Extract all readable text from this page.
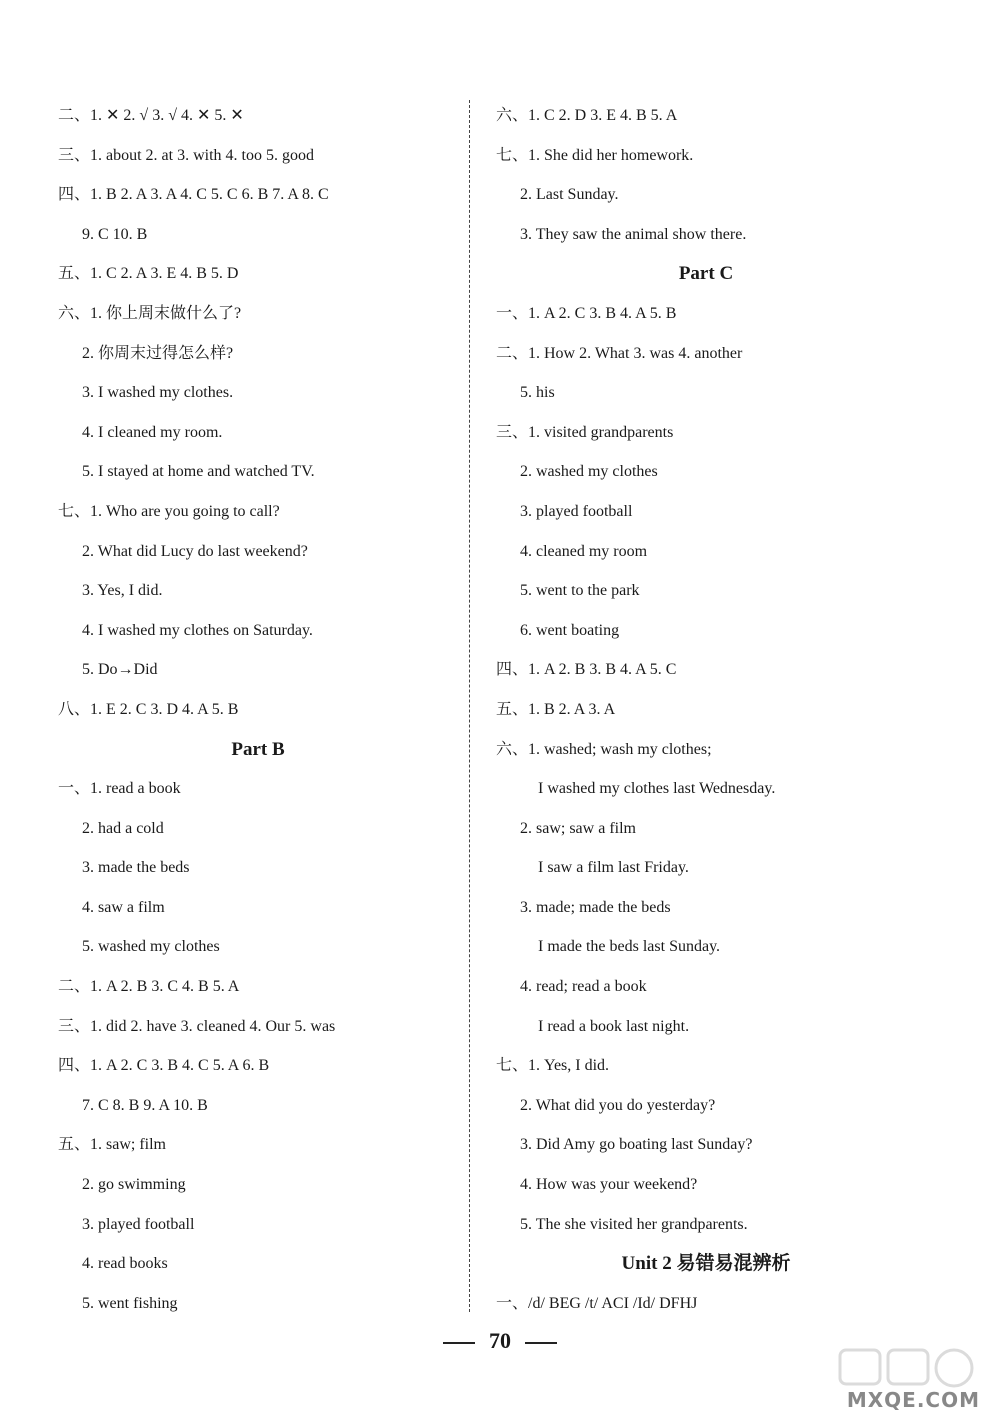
二、1. ✕ 2. √ 3. √ 4. ✕ 5. ✕
三、1. about 2. at 3. with 4. too 5. good
四、1. B 2. A 3. A 4. C 5. C 6. B 7. A 8. C
9. C 10. B
五、1. C 2. A 3. E 4. B 5. D
六、1. 你上周末做什么了?
2. 你周末过得怎么样?
3. I washed my clothes.
4. I cleaned my room.
5. I stayed at home and watched TV.
七、1. Who are you going to call?
2. What did Lucy do last weekend?
3. Yes, I did.
4. I washed my clothes on Saturday.
5. Do→Did
八、1. E 2. C 3. D 4. A 5. B
Part B
一、1. read a book
2. had a cold
3. made the beds
4. saw a film
5. washed my clothes
二、1. A 2. B 3. C 4. B 5. A
三、1. did 2. have 3. cleaned 4. Our 5. was
四、1. A 2. C 3. B 4. C 5. A 6. B
7. C 8. B 9. A 10. B
五、1. saw; film
2. go swimming
3. played football
4. read books
5. went fishing
六、1. C 2. D 3. E 4. B 5. A
七、1. She did her homework.
2. Last Sunday.
3. They saw the animal show there.
Part C
一、1. A 2. C 3. B 4. A 5. B
二、1. How 2. What 3. was 4. another
5. his
三、1. visited grandparents
2. washed my clothes
3. played football
4. cleaned my room
5. went to the park
6. went boating
四、1. A 2. B 3. B 4. A 5. C
五、1. B 2. A 3. A
六、1. washed; wash my clothes;
I washed my clothes last Wednesday.
2. saw; saw a film
I saw a film last Friday.
3. made; made the beds
I made the beds last Sunday.
4. read; read a book
I read a book last night.
七、1. Yes, I did.
2. What did you do yesterday?
3. Did Amy go boating last Sunday?
4. How was your weekend?
5. The she visited her grandparents.
Unit 2 易错易混辨析
一、/d/ BEG /t/ ACI /Id/ DFHJ
70
MXQE.COM
